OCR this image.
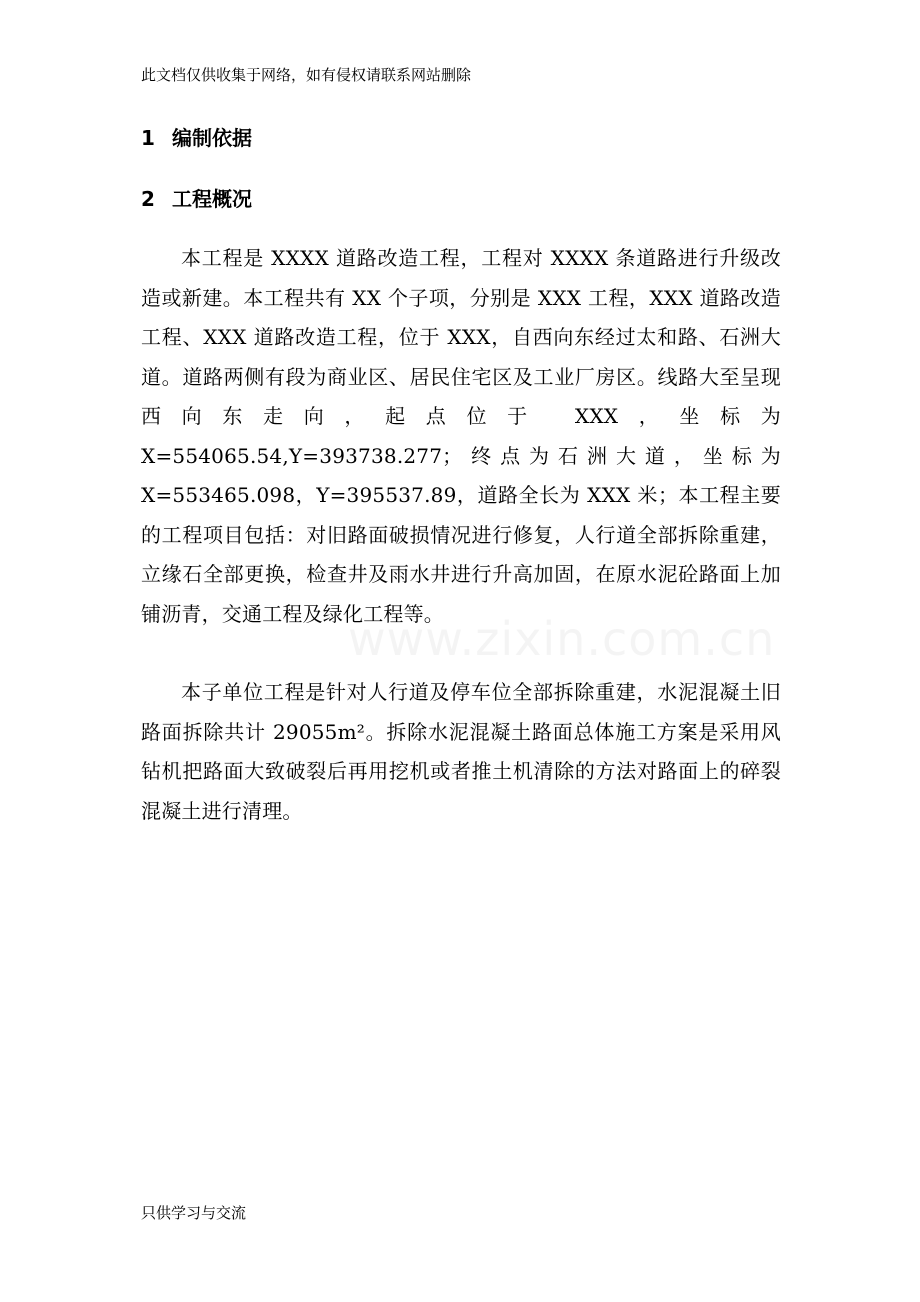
此文档仅供收集于网络，如有侵权请联系网站删除
1 编制依据
2 工程概况

本工程是 XXXX 道路改造工程，工程对 XXXX 条道路进行升级改造或新建。本工程共有 XX 个子项，分别是 XXX 工程，XXX 道路改造工程、XXX 道路改造工程，位于 XXX，自西向东经过太和路、石洲大道。道路两侧有段为商业区、居民住宅区及工业厂房区。线路大至呈现西向东走向，起点位于 XXX，坐标为 X=554065.54,Y=393738.277；终点为石洲大道，坐标为 X=553465.098，Y=395537.89，道路全长为 XXX 米；本工程主要的工程项目包括：对旧路面破损情况进行修复，人行道全部拆除重建，立缘石全部更换，检查井及雨水井进行升高加固，在原水泥砼路面上加铺沥青，交通工程及绿化工程等。

本子单位工程是针对人行道及停车位全部拆除重建，水泥混凝土旧路面拆除共计 29055m²。拆除水泥混凝土路面总体施工方案是采用风钻机把路面大致破裂后再用挖机或者推土机清除的方法对路面上的碎裂混凝土进行清理。

www.zixin.com.cn
只供学习与交流
